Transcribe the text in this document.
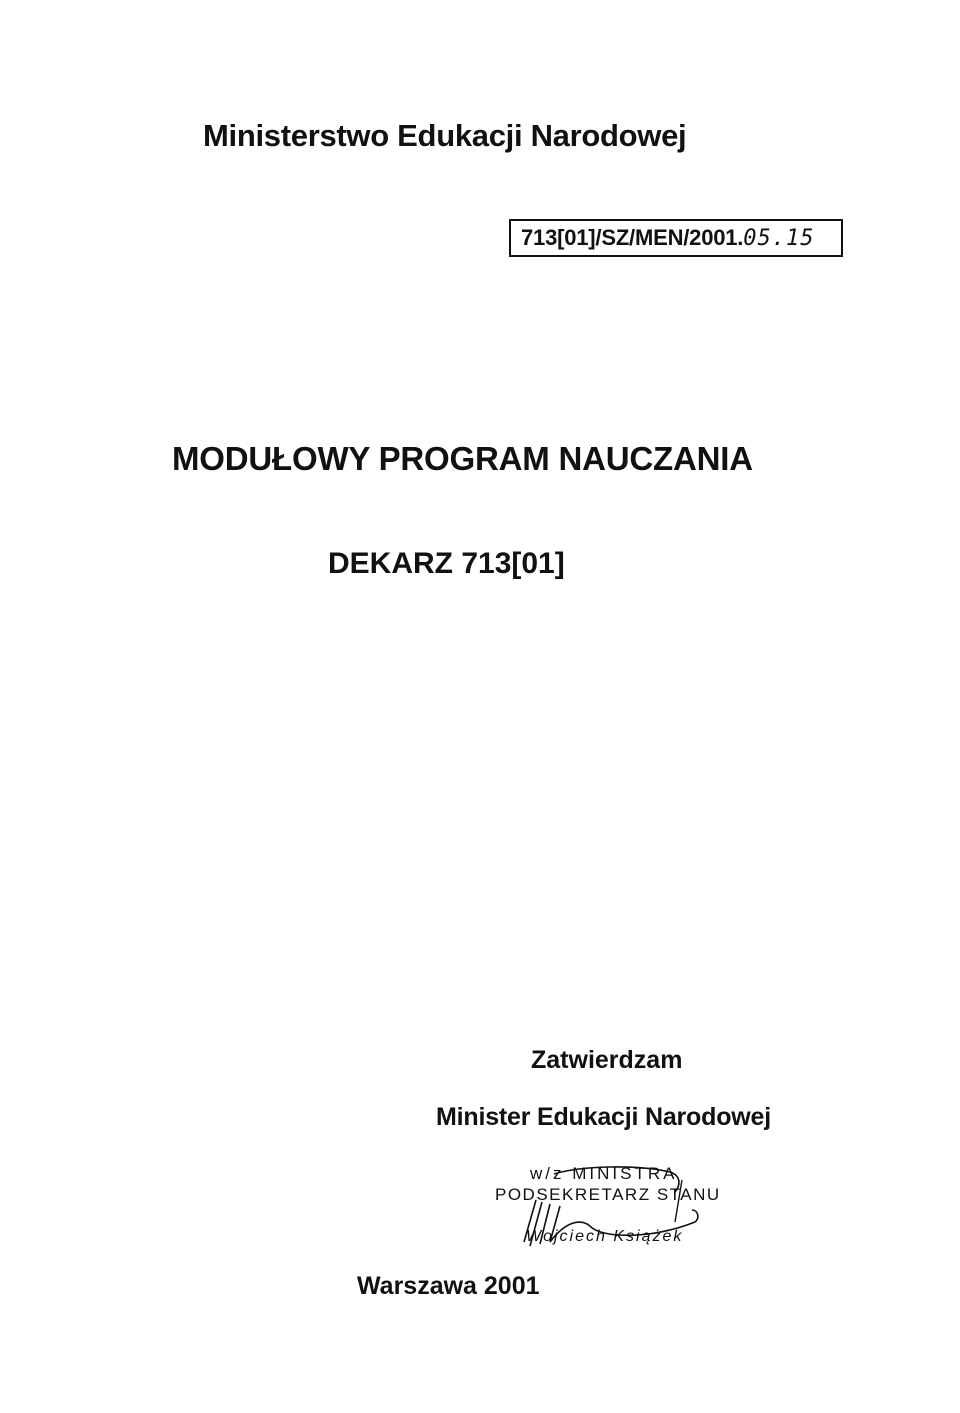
Ministerstwo Edukacji Narodowej
713[01]/SZ/MEN/2001. 05.15
MODUŁOWY PROGRAM NAUCZANIA
DEKARZ 713[01]
Zatwierdzam
Minister Edukacji Narodowej
w/z MINISTRA
PODSEKRETARZ STANU
Wojciech Książek
Warszawa 2001
